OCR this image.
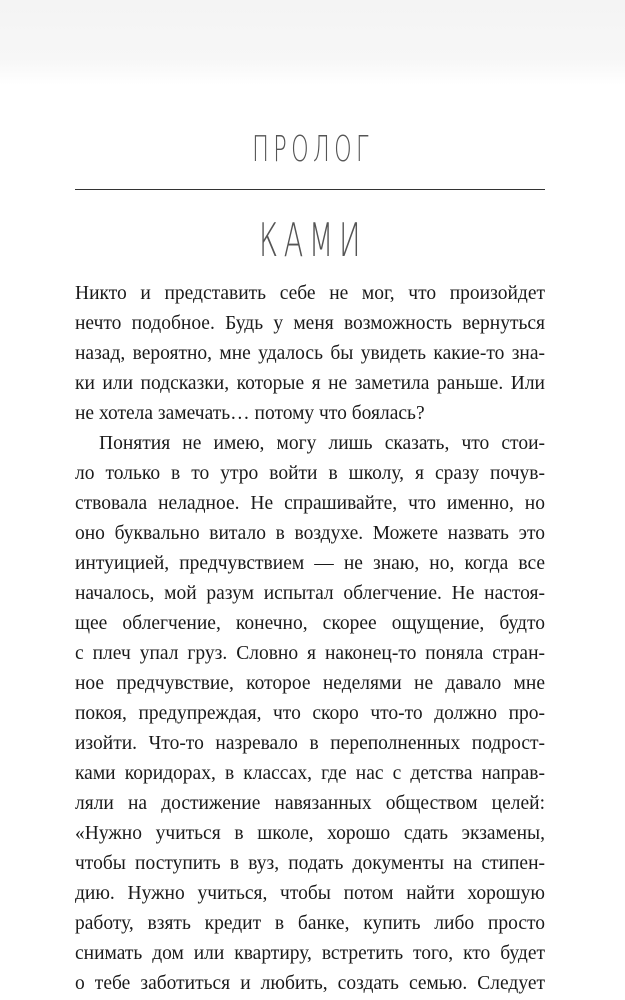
ПРОЛОГ
КАМИ
Никто и представить себе не мог, что произойдет
нечто подобное. Будь у меня возможность вернуться
назад, вероятно, мне удалось бы увидеть какие-то зна-
ки или подсказки, которые я не заметила раньше. Или
не хотела замечать… потому что боялась?
Понятия не имею, могу лишь сказать, что стои-
ло только в то утро войти в школу, я сразу почув-
ствовала неладное. Не спрашивайте, что именно, но
оно буквально витало в воздухе. Можете назвать это
интуицией, предчувствием — не знаю, но, когда все
началось, мой разум испытал облегчение. Не настоя-
щее облегчение, конечно, скорее ощущение, будто
с плеч упал груз. Словно я наконец-то поняла стран-
ное предчувствие, которое неделями не давало мне
покоя, предупреждая, что скоро что-то должно про-
изойти. Что-то назревало в переполненных подрост-
ками коридорах, в классах, где нас с детства направ-
ляли на достижение навязанных обществом целей:
«Нужно учиться в школе, хорошо сдать экзамены,
чтобы поступить в вуз, подать документы на стипен-
дию. Нужно учиться, чтобы потом найти хорошую
работу, взять кредит в банке, купить либо просто
снимать дом или квартиру, встретить того, кто будет
о тебе заботиться и любить, создать семью. Следует
